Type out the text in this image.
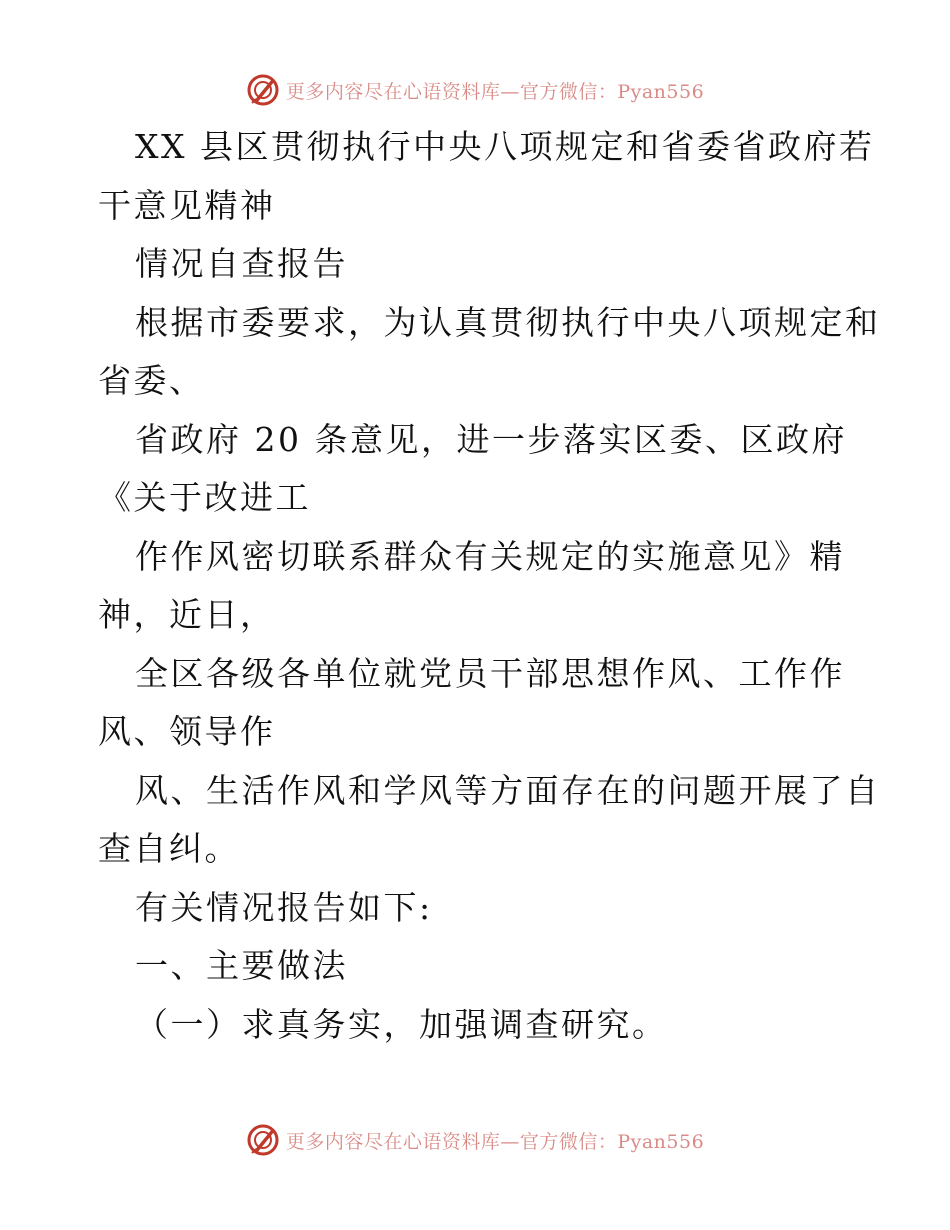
更多内容尽在心语资料库—官方微信：Pyan556
XX 县区贯彻执行中央八项规定和省委省政府若
干意见精神
情况自查报告
根据市委要求，为认真贯彻执行中央八项规定和
省委、
省政府 20 条意见，进一步落实区委、区政府
《关于改进工
作作风密切联系群众有关规定的实施意见》精
神，近日，
全区各级各单位就党员干部思想作风、工作作
风、领导作
风、生活作风和学风等方面存在的问题开展了自
查自纠。
有关情况报告如下:
一、主要做法
（一）求真务实，加强调查研究。
更多内容尽在心语资料库—官方微信：Pyan556
